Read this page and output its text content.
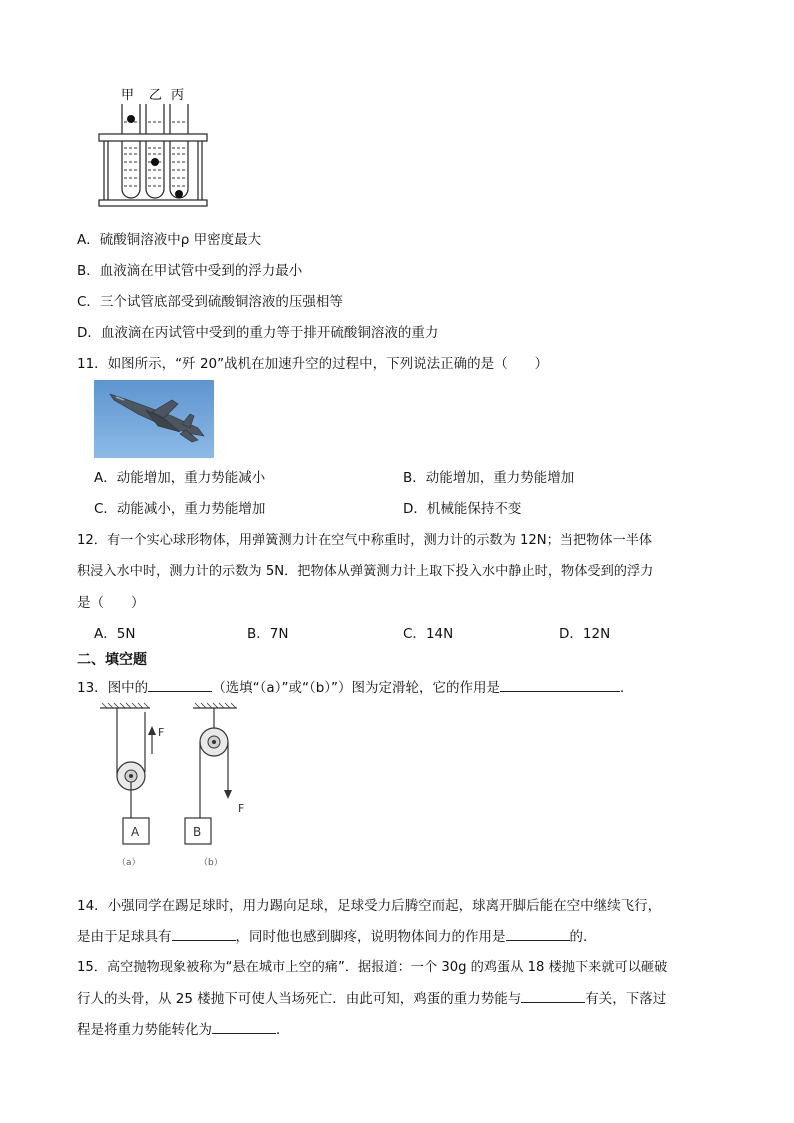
甲 乙 丙
A．硫酸铜溶液中ρ 甲密度最大
B．血液滴在甲试管中受到的浮力最小
C．三个试管底部受到硫酸铜溶液的压强相等
D．血液滴在丙试管中受到的重力等于排开硫酸铜溶液的重力
11．如图所示，“歼 20”战机在加速升空的过程中，下列说法正确的是（　　）
A．动能增加，重力势能减小	B．动能增加，重力势能增加
C．动能减小，重力势能增加	D．机械能保持不变
12．有一个实心球形物体，用弹簧测力计在空气中称重时，测力计的示数为 12N；当把物体一半体
积浸入水中时，测力计的示数为 5N．把物体从弹簧测力计上取下投入水中静止时，物体受到的浮力
是（　　）
A．5N	B．7N	C．14N	D．12N
二、填空题
13．图中的	（选填“（a）”或“（b）”）图为定滑轮，它的作用是	．
F
A
（a）
F
B
（b）
14．小强同学在踢足球时，用力踢向足球，足球受力后腾空而起，球离开脚后能在空中继续飞行，
是由于足球具有	，同时他也感到脚疼，说明物体间力的作用是	的．
15．高空抛物现象被称为“悬在城市上空的痛”．据报道：一个 30g 的鸡蛋从 18 楼抛下来就可以砸破
行人的头骨，从 25 楼抛下可使人当场死亡．由此可知，鸡蛋的重力势能与	有关，下落过
程是将重力势能转化为	．
